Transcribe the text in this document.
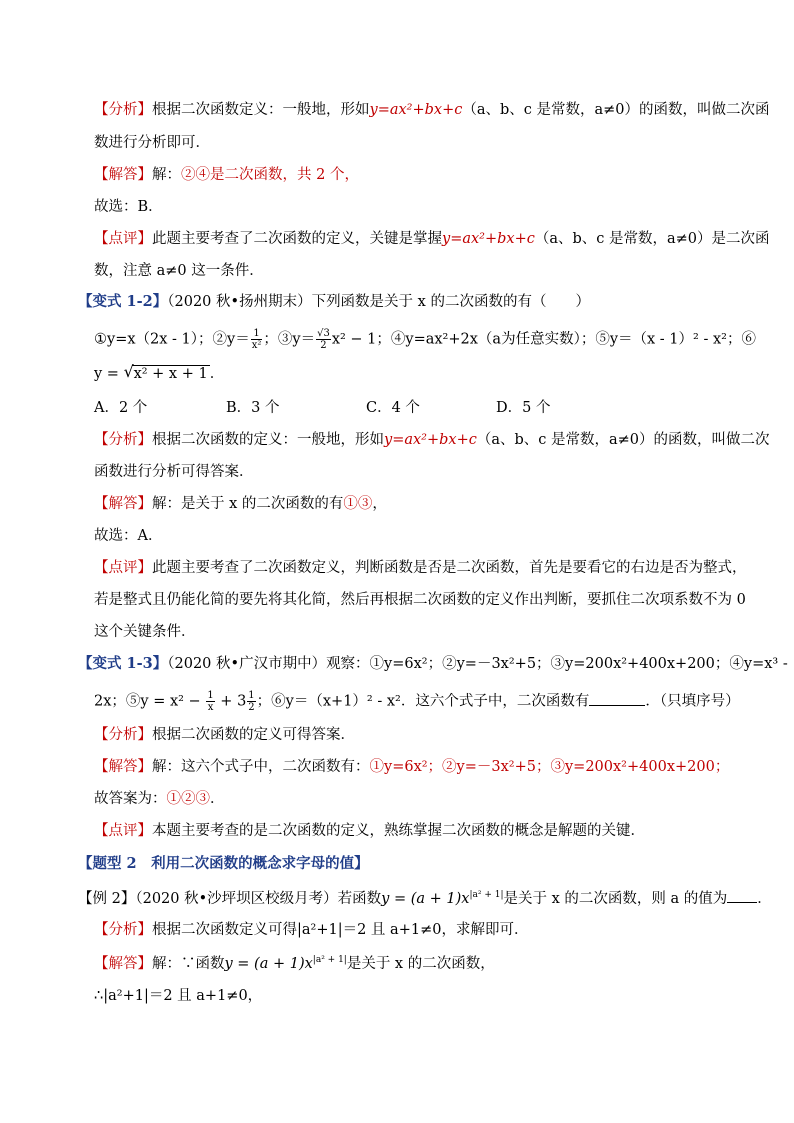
【分析】根据二次函数定义：一般地，形如y=ax²+bx+c（a、b、c 是常数，a≠0）的函数，叫做二次函
数进行分析即可．
【解答】解：②④是二次函数，共 2 个，
故选：B．
【点评】此题主要考查了二次函数的定义，关键是掌握y=ax²+bx+c（a、b、c 是常数，a≠0）是二次函
数，注意 a≠0 这一条件．
【变式 1-2】（2020 秋•扬州期末）下列函数是关于 x 的二次函数的有（　　）
①y=x（2x - 1）；②y＝ $\frac{1}{\text{x²}}$ ；③y＝ $\frac{√3}{2} x^2 - 1$；④y=ax²+2x（a为任意实数）；⑤y＝（x - 1）² - x²；⑥
y = √ x² + x + 1 ．
A．2 个	B．3 个	C．4 个	D．5 个
【分析】根据二次函数的定义：一般地，形如y=ax²+bx+c（a、b、c 是常数，a≠0）的函数，叫做二次
函数进行分析可得答案．
【解答】解：是关于 x 的二次函数的有①③，
故选：A．
【点评】此题主要考查了二次函数定义，判断函数是否是二次函数，首先是要看它的右边是否为整式，
若是整式且仍能化简的要先将其化简，然后再根据二次函数的定义作出判断，要抓住二次项系数不为 0
这个关键条件．
【变式 1-3】（2020 秋•广汉市期中）观察：①y=6x²；②y=－3x²+5；③y=200x²+400x+200；④y=x³ -
2x；⑤y = $x^2 - \frac{1}{x} + 3 \frac{1}{2}$ ；⑥y＝（x+1）² - x²．这六个式子中，二次函数有	．（只填序号）
【分析】根据二次函数的定义可得答案．
【解答】解：这六个式子中，二次函数有：①y=6x²；②y=－3x²+5；③y=200x²+400x+200；
故答案为：①②③．
【点评】本题主要考查的是二次函数的定义，熟练掌握二次函数的概念是解题的关键．
【题型 2　利用二次函数的概念求字母的值】
【例 2】（2020 秋•沙坪坝区校级月考）若函数$y = (a + 1)x^{|a^2 + 1|}$是关于 x 的二次函数，则 a 的值为 ．
【分析】根据二次函数定义可得|a²+1|＝2 且 a+1≠0，求解即可．
【解答】解：∵函数$y = (a + 1)x^{|a^2 + 1|}$是关于 x 的二次函数，
∴|a²+1|＝2 且 a+1≠0，
